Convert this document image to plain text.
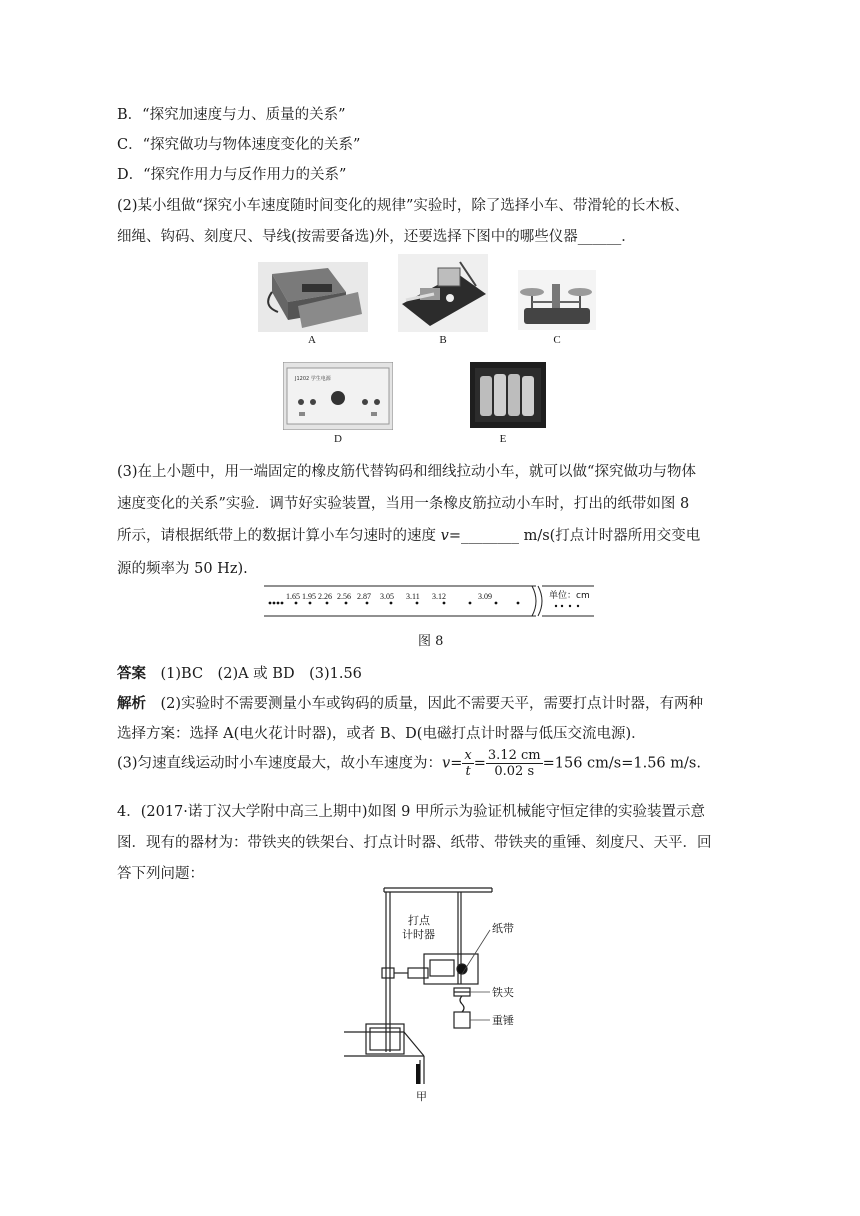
B．“探究加速度与力、质量的关系”
C．“探究做功与物体速度变化的关系”
D．“探究作用力与反作用力的关系”
(2)某小组做“探究小车速度随时间变化的规律”实验时，除了选择小车、带滑轮的长木板、
细绳、钩码、刻度尺、导线(按需要备选)外，还要选择下图中的哪些仪器______．
A	B	C
J1202 学生电源
D	E
(3)在上小题中，用一端固定的橡皮筋代替钩码和细线拉动小车，就可以做“探究做功与物体
速度变化的关系”实验．调节好实验装置，当用一条橡皮筋拉动小车时，打出的纸带如图 8
所示，请根据纸带上的数据计算小车匀速时的速度 v=________ m/s(打点计时器所用交变电
源的频率为 50 Hz).
1.65 1.95 2.26 2.56 2.87 3.05 3.11 3.12	3.09	单位：cm
图 8
答案　(1)BC　(2)A 或 BD　(3)1.56
解析　(2)实验时不需要测量小车或钩码的质量，因此不需要天平，需要打点计时器，有两种
选择方案：选择 A(电火花计时器)，或者 B、D(电磁打点计时器与低压交流电源)．
(3)匀速直线运动时小车速度最大，故小车速度为：$v= \frac{x}{t} = \frac{3.12 cm}{0.02 s} =156$ cm/s=1.56 m/s.
4．(2017·诺丁汉大学附中高三上期中)如图 9 甲所示为验证机械能守恒定律的实验装置示意
图．现有的器材为：带铁夹的铁架台、打点计时器、纸带、带铁夹的重锤、刻度尺、天平．回
答下列问题：
打点
计时器	纸带
铁夹
重锤
甲
